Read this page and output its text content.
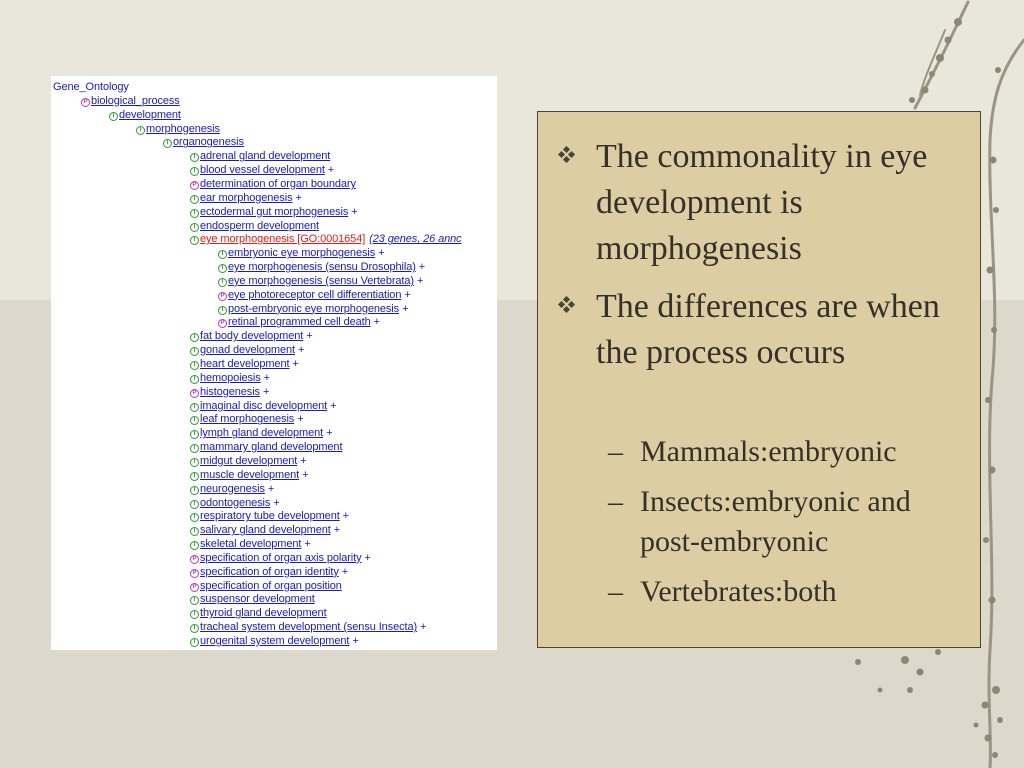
Gene_Ontology
P biological_process
I development
I morphogenesis
I organogenesis
I adrenal gland development
I blood vessel development +
P determination of organ boundary
I ear morphogenesis +
I ectodermal gut morphogenesis +
I endosperm development
I eye morphogenesis [GO:0001654] (23 genes, 26 annc
I embryonic eye morphogenesis +
I eye morphogenesis (sensu Drosophila) +
I eye morphogenesis (sensu Vertebrata) +
P eye photoreceptor cell differentiation +
I post-embryonic eye morphogenesis +
P retinal programmed cell death +
I fat body development +
I gonad development +
I heart development +
I hemopoiesis +
P histogenesis +
I imaginal disc development +
I leaf morphogenesis +
I lymph gland development +
I mammary gland development
I midgut development +
I muscle development +
I neurogenesis +
I odontogenesis +
I respiratory tube development +
I salivary gland development +
I skeletal development +
P specification of organ axis polarity +
P specification of organ identity +
P specification of organ position
I suspensor development
I thyroid gland development
I tracheal system development (sensu Insecta) +
I urogenital system development +
The commonality in eye development is morphogenesis
The differences are when the process occurs
– Mammals:embryonic
– Insects:embryonic and post-embryonic
– Vertebrates:both
